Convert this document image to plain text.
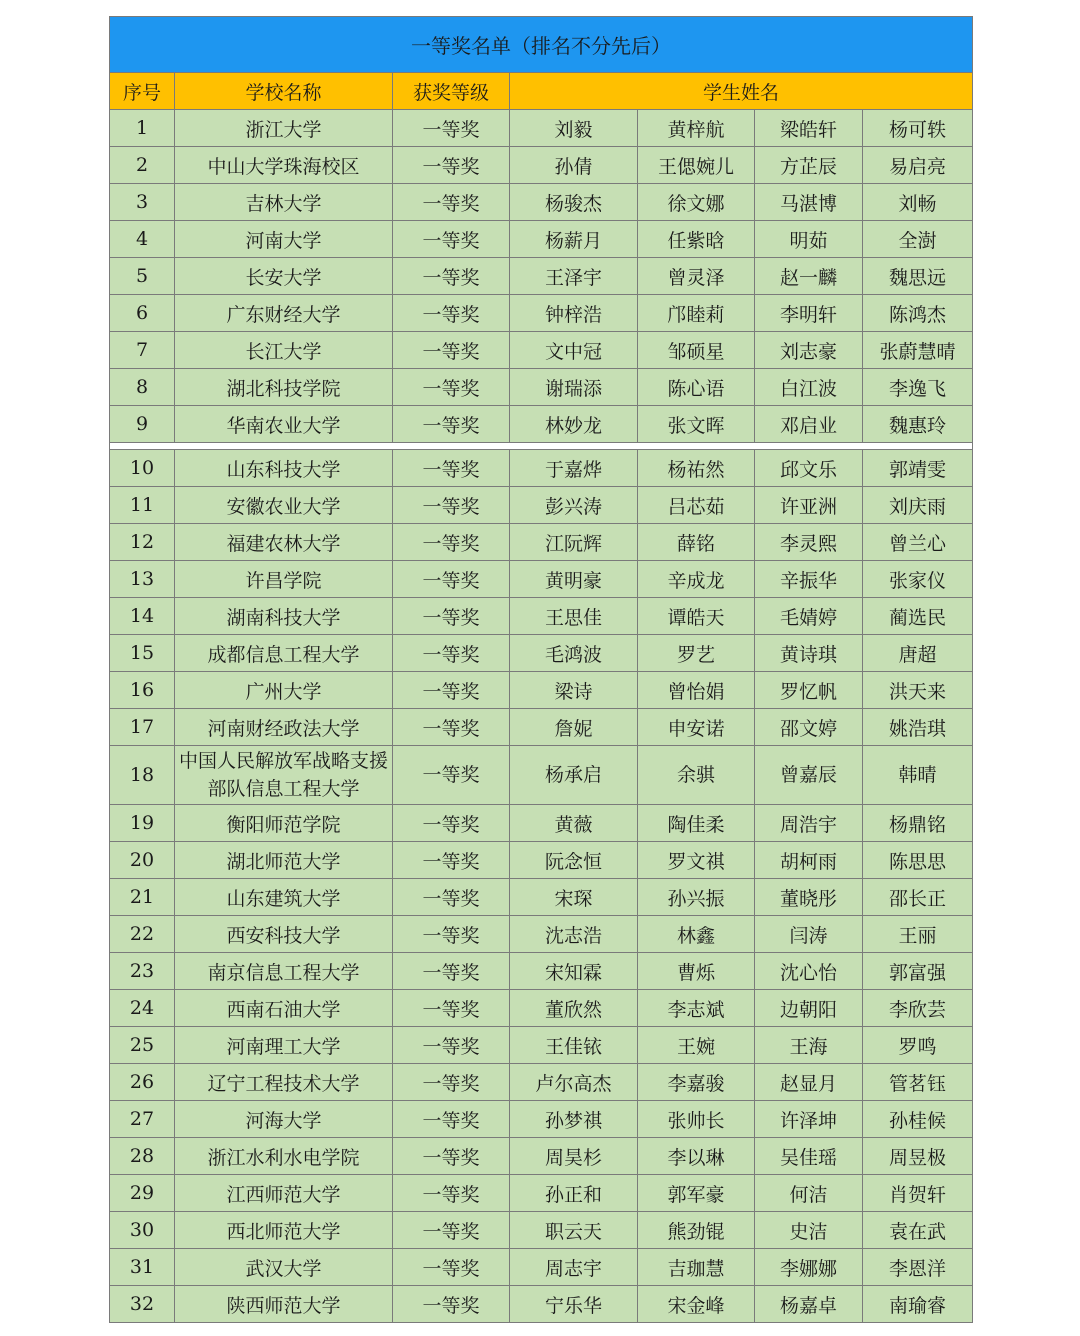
一等奖名单（排名不分先后）						
序号	学校名称	获奖等级	学生姓名			
1	浙江大学	一等奖	刘毅	黄梓航	梁皓轩	杨可轶
2	中山大学珠海校区	一等奖	孙倩	王偲婉儿	方芷辰	易启亮
3	吉林大学	一等奖	杨骏杰	徐文娜	马湛博	刘畅
4	河南大学	一等奖	杨薪月	任紫晗	明茹	全澍
5	长安大学	一等奖	王泽宇	曾灵泽	赵一麟	魏思远
6	广东财经大学	一等奖	钟梓浩	邝睦莉	李明轩	陈鸿杰
7	长江大学	一等奖	文中冠	邹硕星	刘志豪	张蔚慧晴
8	湖北科技学院	一等奖	谢瑞添	陈心语	白江波	李逸飞
9	华南农业大学	一等奖	林妙龙	张文晖	邓启业	魏惠玲

10	山东科技大学	一等奖	于嘉烨	杨祐然	邱文乐	郭靖雯
11	安徽农业大学	一等奖	彭兴涛	吕芯茹	许亚洲	刘庆雨
12	福建农林大学	一等奖	江阮辉	薛铭	李灵熙	曾兰心
13	许昌学院	一等奖	黄明豪	辛成龙	辛振华	张家仪
14	湖南科技大学	一等奖	王思佳	谭皓天	毛婧婷	蔺选民
15	成都信息工程大学	一等奖	毛鸿波	罗艺	黄诗琪	唐超
16	广州大学	一等奖	梁诗	曾怡娟	罗忆帆	洪天来
17	河南财经政法大学	一等奖	詹妮	申安诺	邵文婷	姚浩琪
18	中国人民解放军战略支援部队信息工程大学	一等奖	杨承启	余骐	曾嘉辰	韩晴
19	衡阳师范学院	一等奖	黄薇	陶佳柔	周浩宇	杨鼎铭
20	湖北师范大学	一等奖	阮念恒	罗文祺	胡柯雨	陈思思
21	山东建筑大学	一等奖	宋琛	孙兴振	董晓彤	邵长正
22	西安科技大学	一等奖	沈志浩	林鑫	闫涛	王丽
23	南京信息工程大学	一等奖	宋知霖	曹烁	沈心怡	郭富强
24	西南石油大学	一等奖	董欣然	李志斌	边朝阳	李欣芸
25	河南理工大学	一等奖	王佳铱	王婉	王海	罗鸣
26	辽宁工程技术大学	一等奖	卢尔高杰	李嘉骏	赵显月	管茗钰
27	河海大学	一等奖	孙梦祺	张帅长	许泽坤	孙桂候
28	浙江水利水电学院	一等奖	周昊杉	李以琳	吴佳瑶	周昱极
29	江西师范大学	一等奖	孙正和	郭军豪	何洁	肖贺轩
30	西北师范大学	一等奖	职云天	熊劲锟	史洁	袁在武
31	武汉大学	一等奖	周志宇	吉珈慧	李娜娜	李恩洋
32	陕西师范大学	一等奖	宁乐华	宋金峰	杨嘉卓	南瑜睿
